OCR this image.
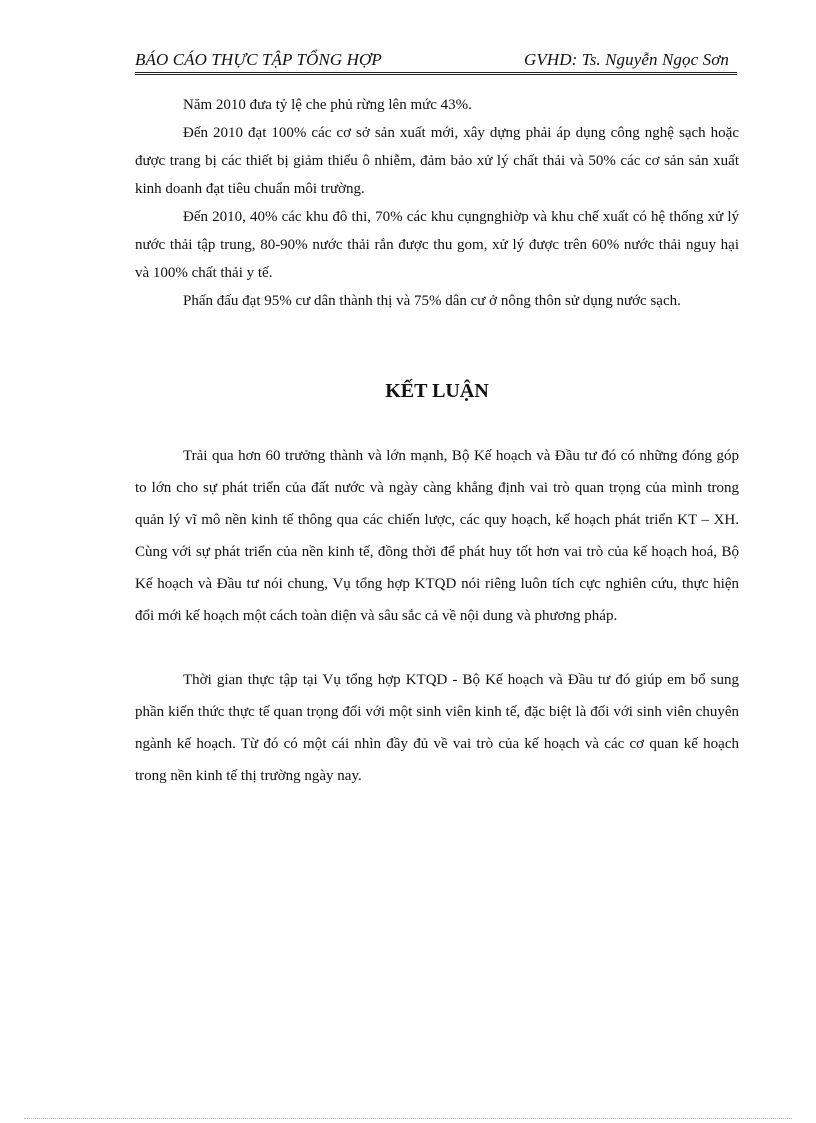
BÁO CÁO THỰC TẬP TỔNG HỢP	GVHD: Ts. Nguyễn Ngọc Sơn

Năm 2010 đưa tỷ lệ che phủ rừng lên mức 43%.

Đến 2010 đạt 100% các cơ sở sản xuất mới, xây dựng phải áp dụng công nghệ sạch hoặc được trang bị các thiết bị giảm thiểu ô nhiễm, đảm bảo xử lý chất thải và 50% các cơ sản sản xuất kinh doanh đạt tiêu chuẩn môi trường.

Đến 2010, 40% các khu đô thi, 70% các khu cụngnghiờp và khu chế xuất có hệ thống xử lý nước thải tập trung, 80-90% nước thải rắn được thu gom, xử lý được trên 60% nước thải nguy hại và 100% chất thải y tế.

Phấn đấu đạt 95% cư dân thành thị và 75% dân cư ở nông thôn sử dụng nước sạch.

KẾT LUẬN

Trải qua hơn 60 trưởng thành và lớn mạnh, Bộ Kế hoạch và Đầu tư đó có những đóng góp to lớn cho sự phát triển của đất nước và ngày càng khẳng định vai trò quan trọng của mình trong quản lý vĩ mô nền kinh tế thông qua các chiến lược, các quy hoạch, kế hoạch phát triển KT – XH. Cùng với sự phát triển của nền kinh tế, đồng thời để phát huy tốt hơn vai trò của kế hoạch hoá, Bộ Kế hoạch và Đầu tư nói chung, Vụ tổng hợp KTQD nói riêng luôn tích cực nghiên cứu, thực hiện đổi mới kế hoạch một cách toàn diện và sâu sắc cả về nội dung và phương pháp.

Thời gian thực tập tại Vụ tổng hợp KTQD - Bộ Kế hoạch và Đầu tư đó giúp em bổ sung phần kiến thức thực tế quan trọng đối với một sinh viên kinh tế, đặc biệt là đối với sinh viên chuyên ngành kế hoạch. Từ đó có một cái nhìn đầy đủ về vai trò của kế hoạch và các cơ quan kế hoạch trong nền kinh tế thị trường ngày nay.
